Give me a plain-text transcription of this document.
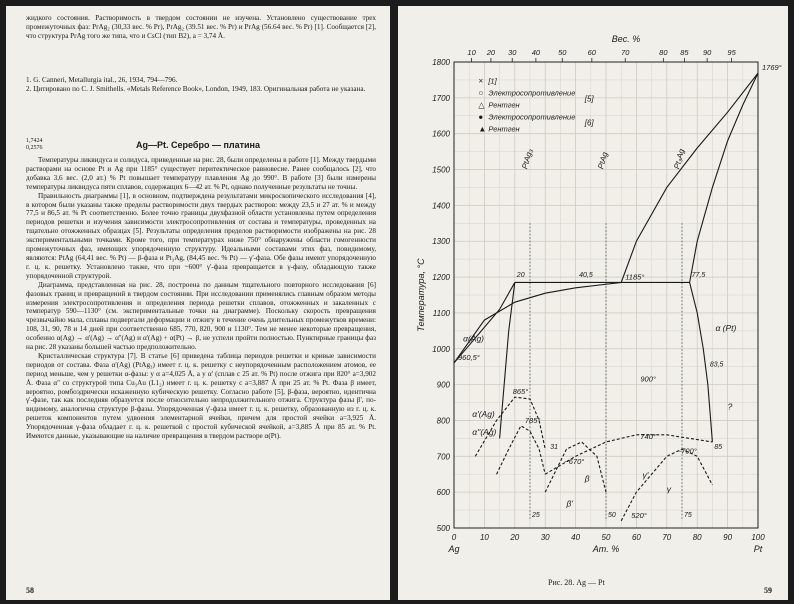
жидкого состояния. Растворимость в твердом состоянии не изучена. Установлено существование трех промежуточных фаз: PrAg₂ (30,33 вес. % Pr), PrAg₂ (39.51 вес. % Pr) и PrAg (56.64 вес. % Pr) [1]. Сообщается [2], что структура PrAg того же типа, что и CsCl (тип B2), a = 3,74 Å.

1. G. Canneri, Metallurgia ital., 26, 1934, 794—796.
2. Цитировано по C. J. Smithells. «Metals Reference Book», London, 1949, 183. Оригинальная работа не указана.
1,7424
0,2576	Ag—Pt. Серебро — платина

Температуры ликвидуса и солидуса, приведенные на рис. 28, были определены в работе [1]. Между твердыми растворами на основе Pt и Ag при 1185° существует перитектическое равновесие. Ранее сообщалось [2], что добавка 3,6 вес. (2,0 ат.) % Pt повышает температуру плавления Ag до 990°. В работе [3] были измерены температуры ликвидуса пяти сплавов, содержащих 6—42 ат. % Pt, однако полученные результаты не точны.

Правильность диаграммы [1], в основном, подтверждена результатами микроскопического исследования [4], в котором были указаны также пределы растворимости двух твердых растворов: между 23,5 и 27 ат. % и между 77,5 и 86,5 ат. % Pt соответственно. Более точно границы двухфазной области установлены путем определения периодов решетки и изучения зависимости электросопротивления от состава и температуры, проведенных на тщательно отожженных образцах [5]. Результаты определения пределов растворимости изображены на рис. 28 экспериментальными точками. Кроме того, при температурах ниже 750° обнаружены области гомогенности промежуточных фаз, имеющих упорядоченную структуру. Идеальными составами этих фаз, повидимому, являются: PtAg (64,41 вес. % Pt) — β-фаза и Pt₃Ag, (84,45 вес. % Pt) — γ'-фаза. Обе фазы имеют упорядоченную г. ц. к. решетку. Установлено также, что при ~600° γ'-фаза превращается в γ-фазу, обладающую также упорядоченной структурой.

Диаграмма, представленная на рис. 28, построена по данным тщательного повторного исследования [6] фазовых границ и превращений в твердом состоянии. При исследовании применялись главным образом методы измерения электросопротивления и определения периода решетки сплавов, отожженных и закаленных с температур 590—1130° (см. экспериментальные точки на диаграмме). Поскольку скорость превращения чрезвычайно мала, сплавы подвергали деформации и отжигу в течение очень длительных промежутков времени: 108, 31, 90, 78 и 14 дней при соответственно 685, 770, 820, 900 и 1130°. Тем не менее некоторые превращения, особенно α(Ag) → α'(Ag) → α''(Ag) и α'(Ag) + α(Pt) → β, не успели пройти полностью. Пунктирные границы фаз на рис. 28 указаны большей частью предположительно.

Кристаллическая структура [7]. В статье [6] приведена таблица периодов решетки и кривые зависимости периодов от состава. Фаза α'(Ag) (PtAg₃) имеет г. ц. к. решетку с неупорядоченным расположением атомов, ее период меньше, чем у решетки α-фазы: у α a=4,025 Å, а у α' (сплав с 25 ат. % Pt) после отжига при 820° a=3,902 Å. Фаза α'' со структурой типа Cu₃Au (L1₂) имеет г. ц. к. решетку с a=3,887 Å при 25 ат. % Pt. Фаза β имеет, вероятно, ромбоэдрически искаженную кубическую решетку. Согласно работе [5], β-фаза, вероятно, идентична γ'-фазе, так как последняя образуется после относительно непродолжительного отжига. Структура фазы β', по-видимому, аналогична структуре β-фазы. Упорядоченная γ'-фаза имеет г. ц. к. решетку, образованную из г. ц. к. решеток компонентов путем удвоения элементарной ячейки, причем для простой ячейки a=3,925 Å. Упорядоченная γ-фаза обладает г. ц. к. решеткой с простой кубической ячейкой, a=3,885 Å при 85 ат. % Pt. Имеются данные, указывающие на наличие превращения в твердом растворе α(Pt).

58
500
600
700
800
900
1000
1100
1200
1300
1400
1500
1600
1700
1800
0	10	20	30	40	50	60	70	80	90 100
Ag	Pt
Ат. %
10 20 30 40 50	60	70	80 85 90 95
Вес. %
Температура, °С
1769°
1185°
960,5°
900°
740°
~700°
~670°
785°
865°
520°
20	40,5	77,5
83,5
85
31
25	50	75
α(Ag)
α'(Ag)
α''(Ag)
α (Pt)
β
β'
γ
γ'
?
PtAg₃	PtAg	Pt₃Ag
× [1]
○ Электросопротивление
△ Рентген
● Электросопротивление
▲ Рентген
[5]
[6]
Рис. 28. Ag — Pt
59
